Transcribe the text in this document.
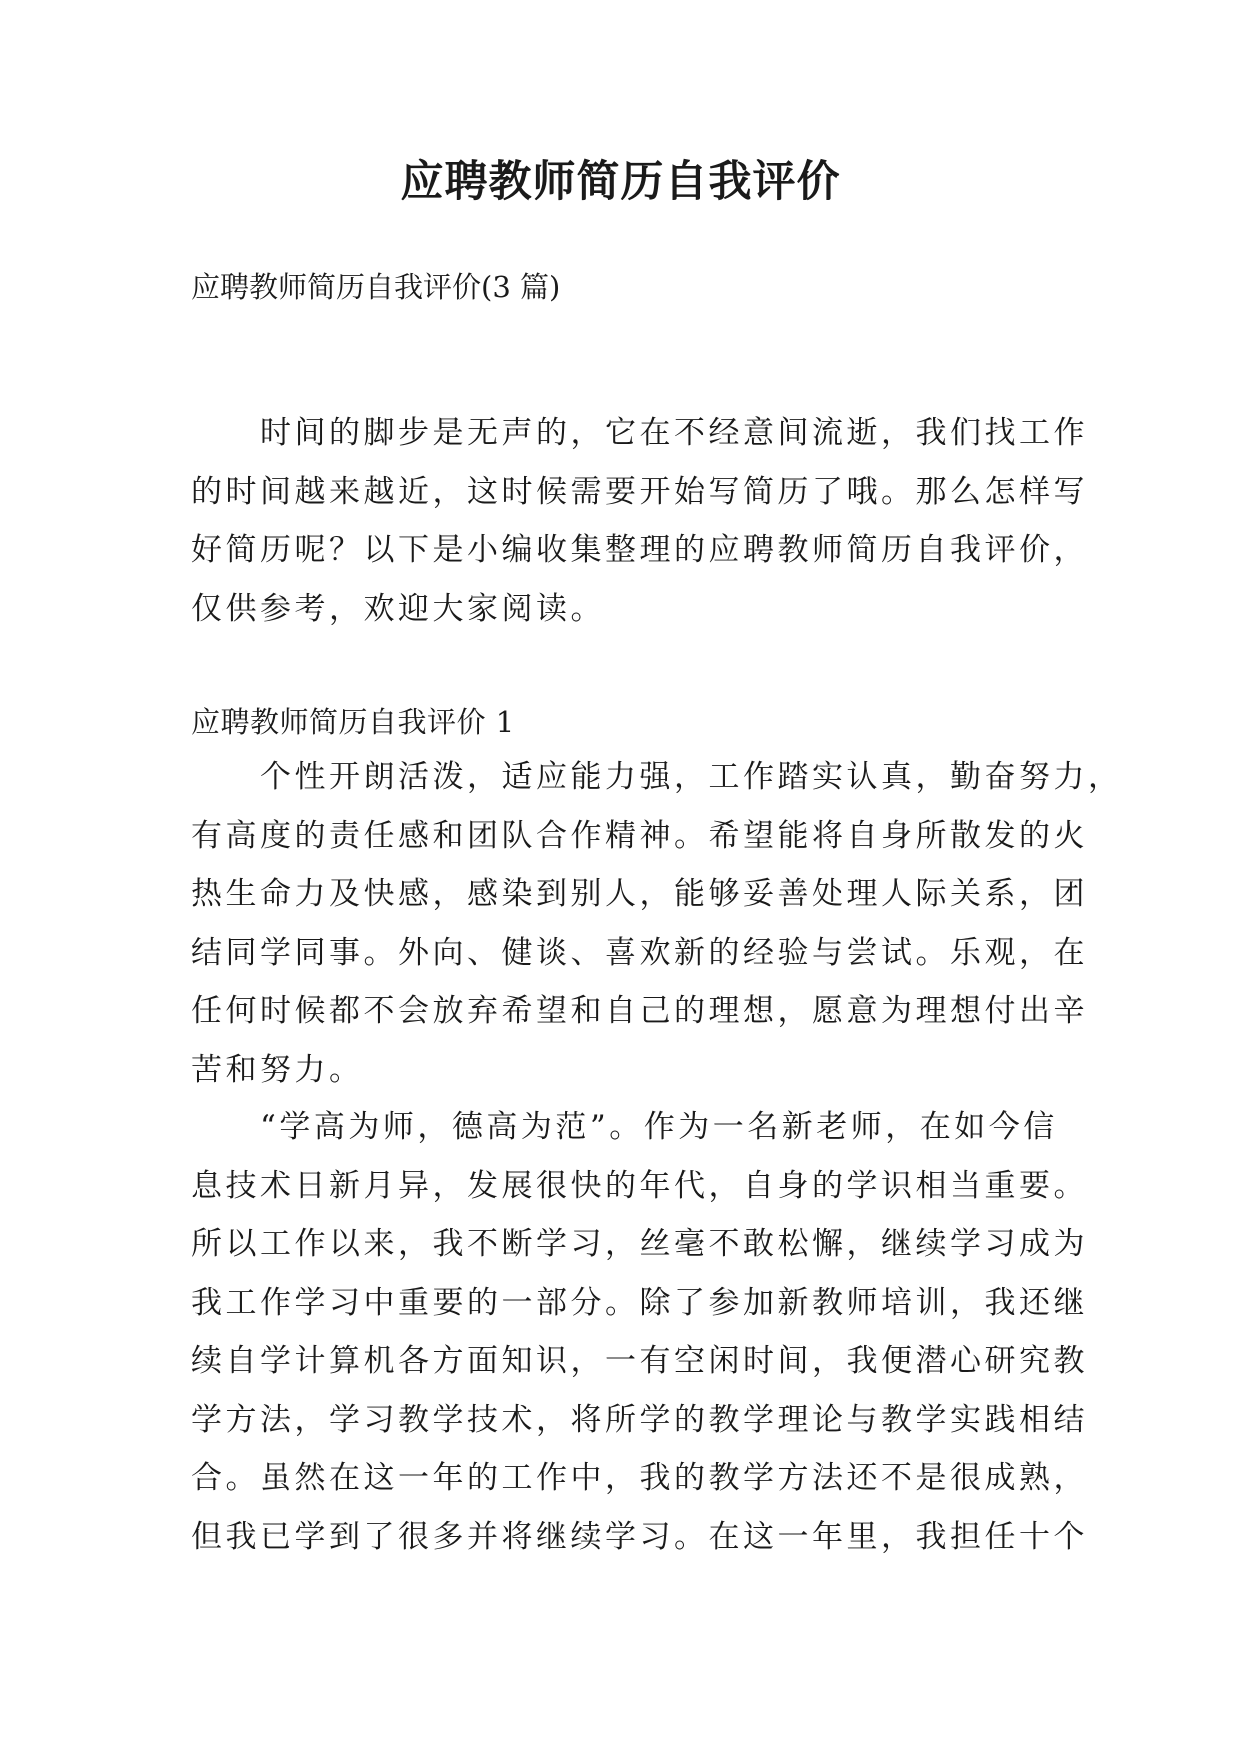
应聘教师简历自我评价
应聘教师简历自我评价(3 篇)
　　时间的脚步是无声的，它在不经意间流逝，我们找工作
的时间越来越近，这时候需要开始写简历了哦。那么怎样写
好简历呢？以下是小编收集整理的应聘教师简历自我评价，
仅供参考，欢迎大家阅读。
应聘教师简历自我评价 1
　　个性开朗活泼，适应能力强，工作踏实认真，勤奋努力，
有高度的责任感和团队合作精神。希望能将自身所散发的火
热生命力及快感，感染到别人，能够妥善处理人际关系，团
结同学同事。外向、健谈、喜欢新的经验与尝试。乐观，在
任何时候都不会放弃希望和自己的理想，愿意为理想付出辛
苦和努力。
　　“学高为师，德高为范”。作为一名新老师，在如今信
息技术日新月异，发展很快的年代，自身的学识相当重要。
所以工作以来，我不断学习，丝毫不敢松懈，继续学习成为
我工作学习中重要的一部分。除了参加新教师培训，我还继
续自学计算机各方面知识，一有空闲时间，我便潜心研究教
学方法，学习教学技术，将所学的教学理论与教学实践相结
合。虽然在这一年的工作中，我的教学方法还不是很成熟，
但我已学到了很多并将继续学习。在这一年里，我担任十个
